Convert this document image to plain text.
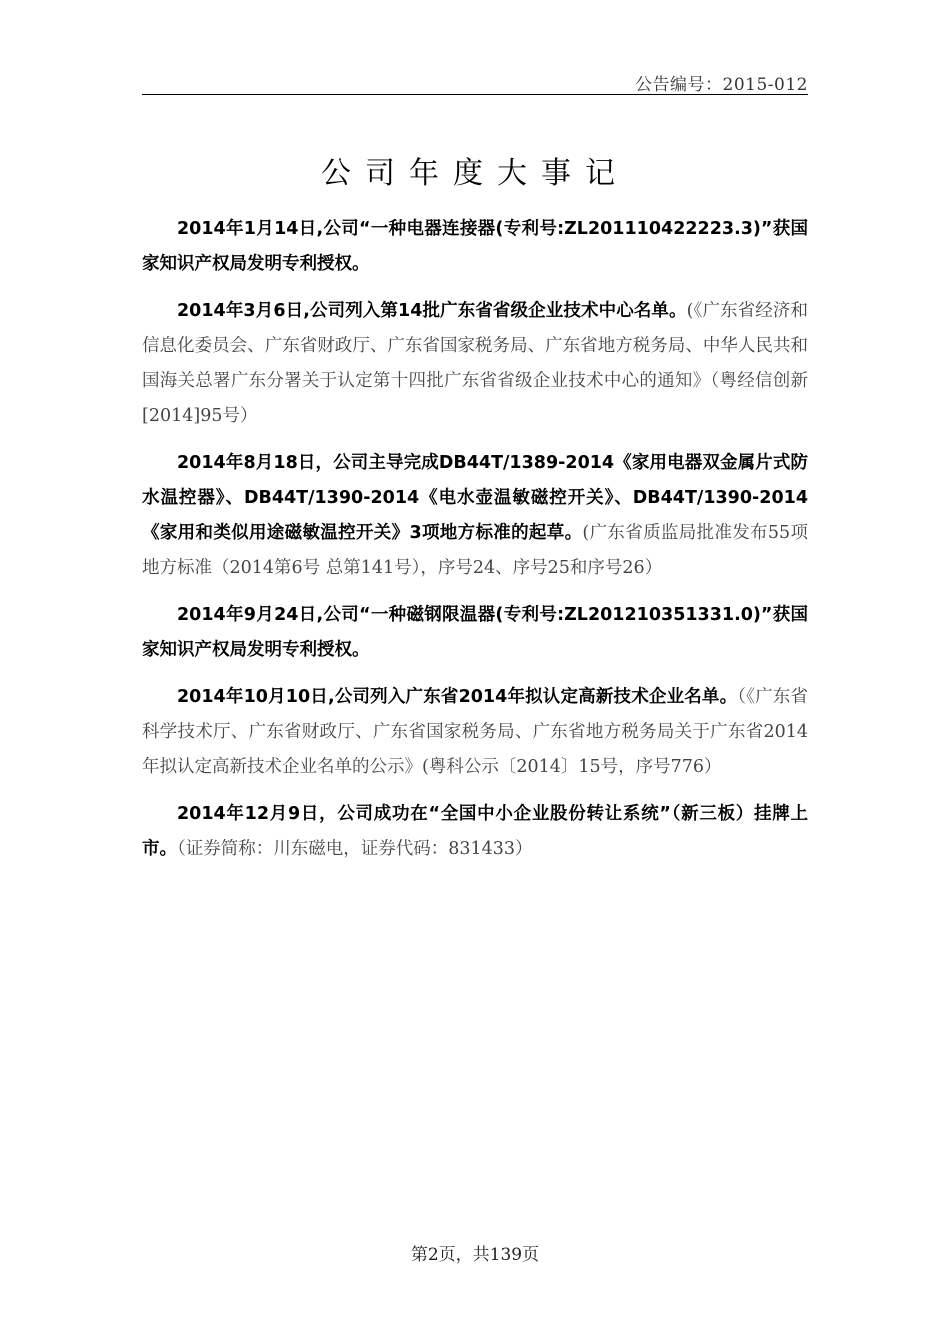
公告编号：2015-012
公司年度大事记

2014年1月14日,公司“一种电器连接器(专利号:ZL201110422223.3)”获国家知识产权局发明专利授权。

2014年3月6日,公司列入第14批广东省省级企业技术中心名单。(《广东省经济和信息化委员会、广东省财政厅、广东省国家税务局、广东省地方税务局、中华人民共和国海关总署广东分署关于认定第十四批广东省省级企业技术中心的通知》（粤经信创新[2014]95号）

2014年8月18日，公司主导完成DB44T/1389-2014《家用电器双金属片式防水温控器》、DB44T/1390-2014《电水壶温敏磁控开关》、DB44T/1390-2014《家用和类似用途磁敏温控开关》3项地方标准的起草。(广东省质监局批准发布55项地方标准（2014第6号 总第141号），序号24、序号25和序号26）

2014年9月24日,公司“一种磁钢限温器(专利号:ZL201210351331.0)”获国家知识产权局发明专利授权。

2014年10月10日,公司列入广东省2014年拟认定高新技术企业名单。（《广东省科学技术厅、广东省财政厅、广东省国家税务局、广东省地方税务局关于广东省2014年拟认定高新技术企业名单的公示》(粤科公示〔2014〕15号，序号776）

2014年12月9日，公司成功在“全国中小企业股份转让系统”（新三板）挂牌上市。（证券简称：川东磁电，证券代码：831433）

第2页，共139页
